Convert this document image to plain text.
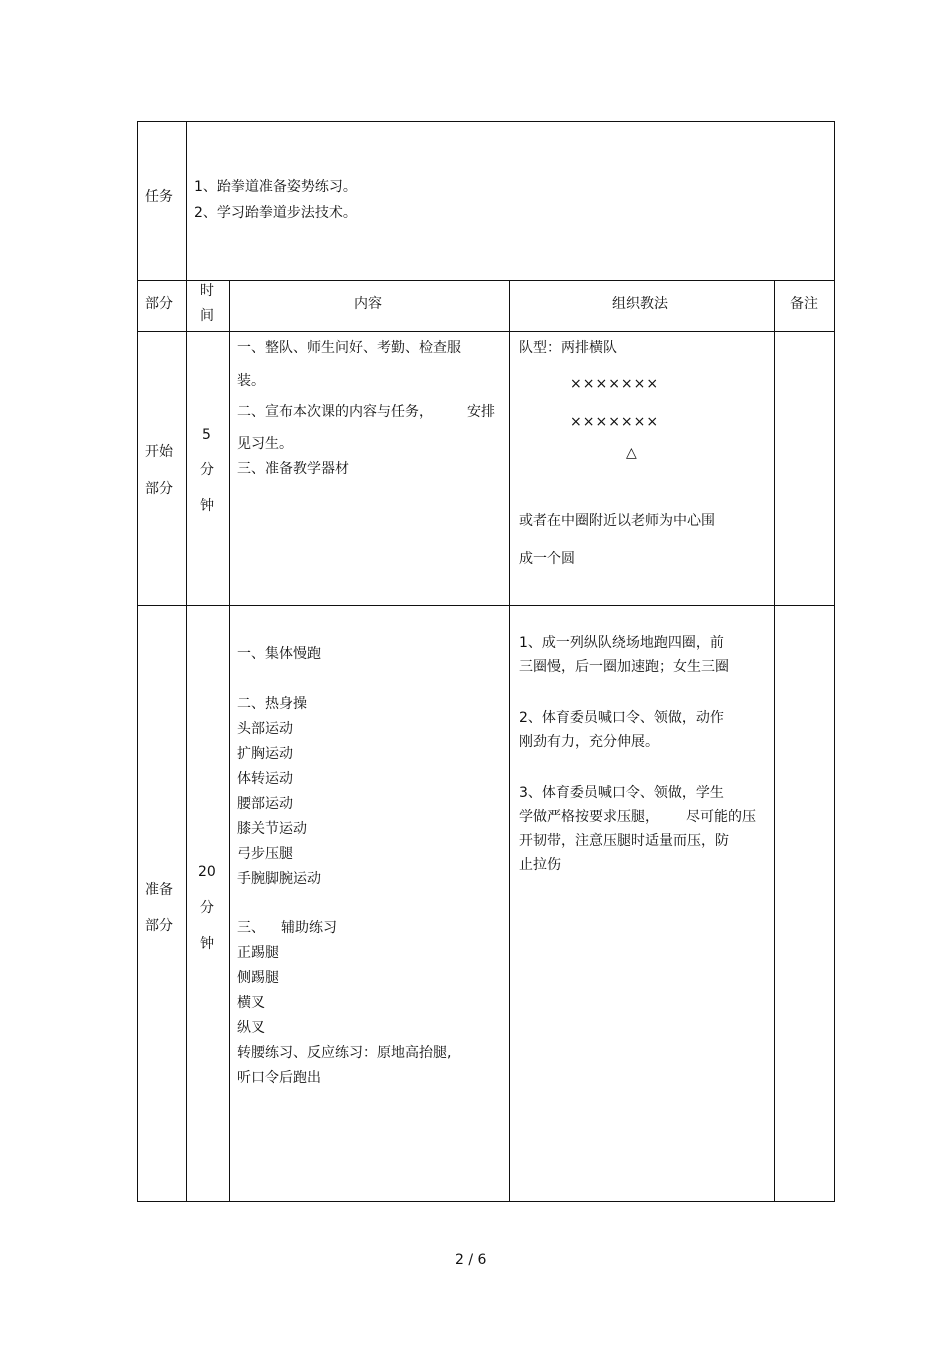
任务
1、跆拳道准备姿势练习。
2、学习跆拳道步法技术。
部分
时
间
内容	组织教法	备注
开始
部分
5
分
钟
一、整队、师生问好、考勤、检查服
装。
二、宣布本次课的内容与任务， 安排
见习生。
三、准备教学器材
队型：两排横队
×××××××
×××××××
△
或者在中圈附近以老师为中心围
成一个圆
准备
部分
20
分
钟
一、集体慢跑
二、热身操
头部运动
扩胸运动
体转运动
腰部运动
膝关节运动
弓步压腿
手腕脚腕运动
三、 辅助练习
正踢腿
侧踢腿
横叉
纵叉
转腰练习、反应练习：原地高抬腿,
听口令后跑出
1、成一列纵队绕场地跑四圈，前
三圈慢，后一圈加速跑；女生三圈
2、体育委员喊口令、领做，动作
刚劲有力，充分伸展。
3、体育委员喊口令、领做，学生
学做严格按要求压腿， 尽可能的压
开韧带，注意压腿时适量而压，防
止拉伤
2 / 6
